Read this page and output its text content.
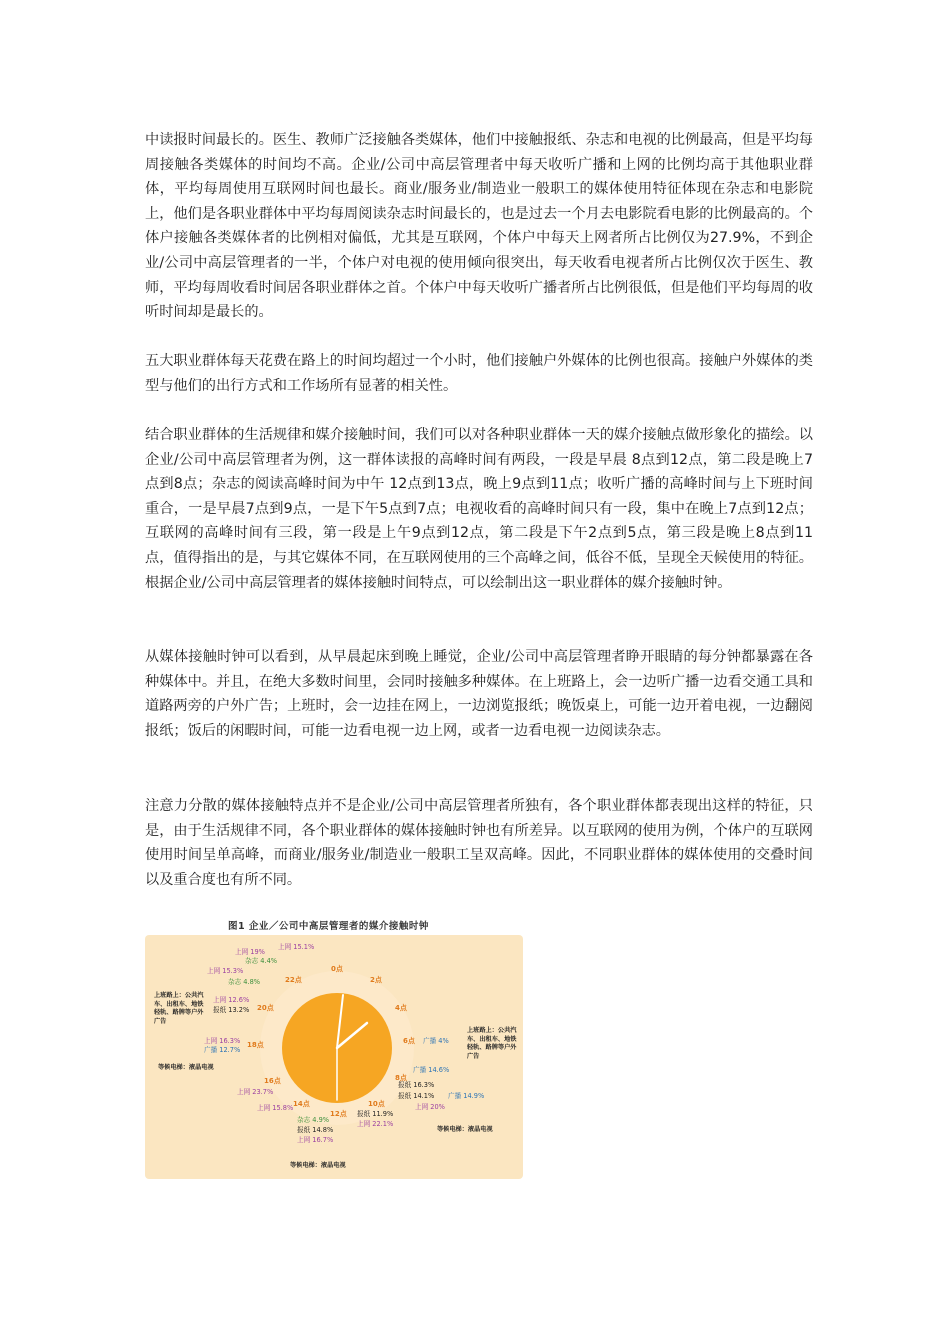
中读报时间最长的。医生、教师广泛接触各类媒体，他们中接触报纸、杂志和电视的比例最高，但是平均每周接触各类媒体的时间均不高。企业/公司中高层管理者中每天收听广播和上网的比例均高于其他职业群体，平均每周使用互联网时间也最长。商业/服务业/制造业一般职工的媒体使用特征体现在杂志和电影院上，他们是各职业群体中平均每周阅读杂志时间最长的，也是过去一个月去电影院看电影的比例最高的。个体户接触各类媒体者的比例相对偏低，尤其是互联网，个体户中每天上网者所占比例仅为27.9%，不到企业/公司中高层管理者的一半，个体户对电视的使用倾向很突出，每天收看电视者所占比例仅次于医生、教师，平均每周收看时间居各职业群体之首。个体户中每天收听广播者所占比例很低，但是他们平均每周的收听时间却是最长的。

五大职业群体每天花费在路上的时间均超过一个小时，他们接触户外媒体的比例也很高。接触户外媒体的类型与他们的出行方式和工作场所有显著的相关性。

结合职业群体的生活规律和媒介接触时间，我们可以对各种职业群体一天的媒介接触点做形象化的描绘。以企业/公司中高层管理者为例，这一群体读报的高峰时间有两段，一段是早晨 8点到12点，第二段是晚上7点到8点；杂志的阅读高峰时间为中午 12点到13点，晚上9点到11点；收听广播的高峰时间与上下班时间重合，一是早晨7点到9点，一是下午5点到7点；电视收看的高峰时间只有一段，集中在晚上7点到12点；互联网的高峰时间有三段，第一段是上午9点到12点，第二段是下午2点到5点，第三段是晚上8点到11点，值得指出的是，与其它媒体不同，在互联网使用的三个高峰之间，低谷不低，呈现全天候使用的特征。根据企业/公司中高层管理者的媒体接触时间特点，可以绘制出这一职业群体的媒介接触时钟。

从媒体接触时钟可以看到，从早晨起床到晚上睡觉，企业/公司中高层管理者睁开眼睛的每分钟都暴露在各种媒体中。并且，在绝大多数时间里，会同时接触多种媒体。在上班路上，会一边听广播一边看交通工具和道路两旁的户外广告；上班时，会一边挂在网上，一边浏览报纸；晚饭桌上，可能一边开着电视，一边翻阅报纸；饭后的闲暇时间，可能一边看电视一边上网，或者一边看电视一边阅读杂志。

注意力分散的媒体接触特点并不是企业/公司中高层管理者所独有，各个职业群体都表现出这样的特征，只是，由于生活规律不同，各个职业群体的媒体接触时钟也有所差异。以互联网的使用为例，个体户的互联网使用时间呈单高峰，而商业/服务业/制造业一般职工呈双高峰。因此，不同职业群体的媒体使用的交叠时间以及重合度也有所不同。

图1 企业／公司中高层管理者的媒介接触时钟
0点
2点
4点
6点
8点
10点
12点
14点
16点
18点
20点
22点
上网 19%
上网 15.1%
杂志 4.4%
上网 15.3%
杂志 4.8%
上网 12.6%
报纸 13.2%
上网 16.3%
广播 12.7%
广播 4%
广播 14.6%
报纸 16.3%
报纸 14.1% 广播 14.9%
上网 20%
报纸 11.9%
上网 22.1%
上网 23.7%
上网 15.8%
杂志 4.9%
报纸 14.8%
上网 16.7%
上班路上：公共汽车、出租车、地铁轻轨、路牌等户外广告
等候电梯：液晶电视
上班路上：公共汽车、出租车、地铁轻轨、路牌等户外广告
等候电梯：液晶电视
等候电梯：液晶电视
